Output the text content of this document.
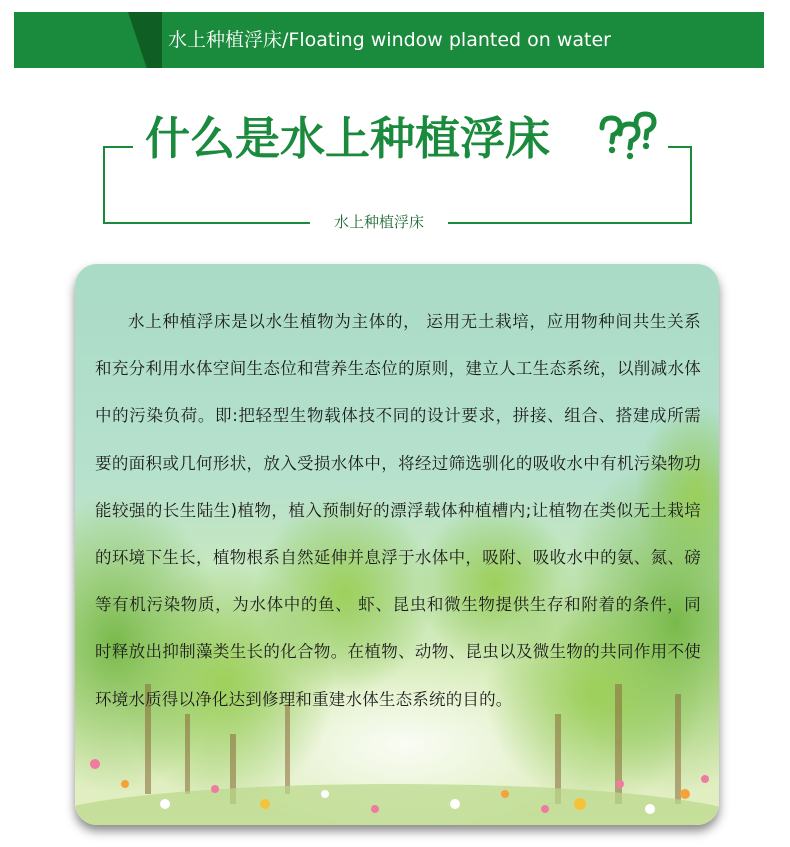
水上种植浮床/Floating window planted on water
什么是水上种植浮床
水上种植浮床

水上种植浮床是以水生植物为主体的， 运用无土栽培，应用物种间共生关系和充分利用水体空间生态位和营养生态位的原则，建立人工生态系统，以削减水体中的污染负荷。即:把轻型生物载体技不同的设计要求，拼接、组合、搭建成所需要的面积或几何形状，放入受损水体中，将经过筛选驯化的吸收水中有机污染物功能较强的长生陆生)植物，植入预制好的漂浮载体种植槽内;让植物在类似无土栽培的环境下生长，植物根系自然延伸并息浮于水体中，吸附、吸收水中的氨、氮、磅等有机污染物质，为水体中的鱼、 虾、昆虫和微生物提供生存和附着的条件，同时释放出抑制藻类生长的化合物。在植物、动物、昆虫以及微生物的共同作用不使环境水质得以净化达到修理和重建水体生态系统的目的。
